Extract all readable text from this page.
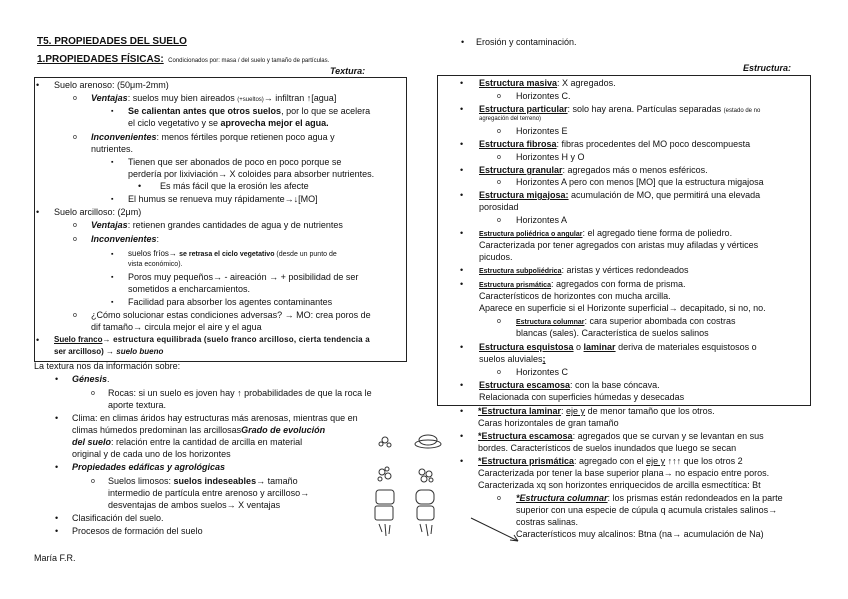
T5. PROPIEDADES DEL SUELO
1.PROPIEDADES FÍSICAS: Condicionados por: masa / del suelo y tamaño de partículas.
Textura:
• Erosión y contaminación.
Estructura:
• Suelo arenoso: (50μm-2mm)
o Ventajas: suelos muy bien aireados (+sueltos)→ infiltran ↑[agua]
▪ Se calientan antes que otros suelos, por lo que se acelera
el ciclo vegetativo y se aprovecha mejor el agua.
o Inconvenientes: menos fértiles porque retienen poco agua y
nutrientes.
▪ Tienen que ser abonados de poco en poco porque se
perdería por lixiviación→ X coloides para absorber nutrientes.
• Es más fácil que la erosión les afecte
▪ El humus se renueva muy rápidamente→↓[MO]
• Suelo arcilloso: (2μm)
o Ventajas: retienen grandes cantidades de agua y de nutrientes
o Inconvenientes:
▪ suelos fríos→ se retrasa el ciclo vegetativo (desde un punto de
vista económico).
▪ Poros muy pequeños→ - aireación → + posibilidad de ser
sometidos a encharcamientos.
▪ Facilidad para absorber los agentes contaminantes
o ¿Cómo solucionar estas condiciones adversas? → MO: crea poros de
dif tamaño→ circula mejor el aire y el agua
• Suelo franco→ estructura equilibrada (suelo franco arcilloso, cierta tendencia a
ser arcilloso) → suelo bueno
La textura nos da información sobre:
• Génesis.
o Rocas: si un suelo es joven hay ↑ probabilidades de que la roca le
aporte textura.
• Clima: en climas áridos hay estructuras más arenosas, mientras que en
climas húmedos predominan las arcillosasGrado de evolución
del suelo: relación entre la cantidad de arcilla en material
original y de cada uno de los horizontes
• Propiedades edáficas y agrológicas
o Suelos limosos: suelos indeseables→ tamaño
intermedio de partícula entre arenoso y arcilloso→
desventajas de ambos suelos→ X ventajas
• Clasificación del suelo.
• Procesos de formación del suelo
María F.R.
• Estructura masiva: X agregados.
o Horizontes C.
• Estructura particular: solo hay arena. Partículas separadas (estado de no
agregación del terreno)
o Horizontes E
• Estructura fibrosa: fibras procedentes del MO poco descompuesta
o Horizontes H y O
• Estructura granular: agregados más o menos esféricos.
o Horizontes A pero con menos [MO] que la estructura migajosa
• Estructura migajosa: acumulación de MO, que permitirá una elevada
porosidad
o Horizontes A
• Estructura poliédrica o angular: el agregado tiene forma de poliedro.
Caracterizada por tener agregados con aristas muy afiladas y vértices
picudos.
• Estructura subpoliédrica: aristas y vértices redondeados
• Estructura prismática: agregados con forma de prisma.
Característicos de horizontes con mucha arcilla.
Aparece en superficie si el Horizonte superficial→ decapitado, si no, no.
o Estructura columnar: cara superior abombada con costras
blancas (sales). Característica de suelos salinos
• Estructura esquistosa o laminar deriva de materiales esquistosos o
suelos aluviales;
o Horizontes C
• Estructura escamosa: con la base cóncava.
Relacionada con superficies húmedas y desecadas
• *Estructura laminar: eje y de menor tamaño que los otros.
Caras horizontales de gran tamaño
• *Estructura escamosa: agregados que se curvan y se levantan en sus
bordes. Característicos de suelos inundados que luego se secan
• *Estructura prismática: agregado con el eje y ↑↑↑ que los otros 2
Caracterizada por tener la base superior plana→ no espacio entre poros.
Caracterizada xq son horizontes enriquecidos de arcilla esmectítica: Bt
o *Estructura columnar: los prismas están redondeados en la parte
superior con una especie de cúpula q acumula cristales salinos→
costras salinas.
Característicos muy alcalinos: Btna (na→ acumulación de Na)
